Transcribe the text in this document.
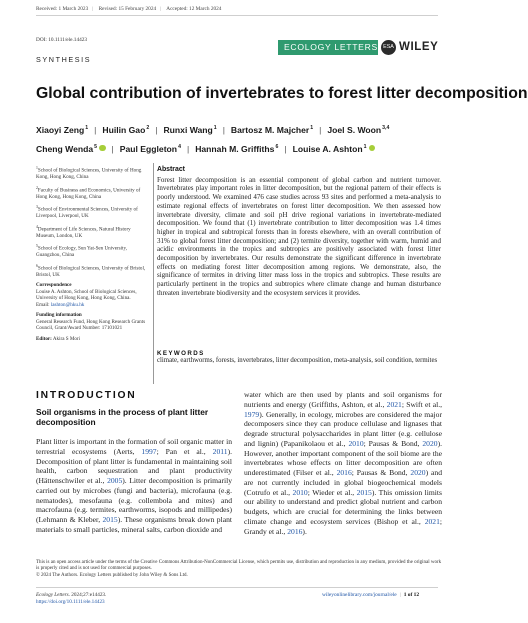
Received: 1 March 2023 | Revised: 15 February 2024 | Accepted: 12 March 2024
DOI: 10.1111/ele.14423
ECOLOGY LETTERS ESA WILEY
SYNTHESIS
Global contribution of invertebrates to forest litter decomposition
Xiaoyi Zeng$^1$ | Huilin Gao$^2$ | Runxi Wang$^1$ | Bartosz M. Majcher$^1$ | Joel S. Woon$^{3,4}$
Cheng Wenda$^5$ | Paul Eggleton$^4$ | Hannah M. Griffiths$^6$ | Louise A. Ashton$^1$
$^1$School of Biological Sciences, University of Hong Kong, Hong Kong, China
$^2$Faculty of Business and Economics, University of Hong Kong, Hong Kong, China
$^3$School of Environmental Sciences, University of Liverpool, Liverpool, UK
$^4$Department of Life Sciences, Natural History Museum, London, UK
$^5$School of Ecology, Sun Yat-Sen University, Guangzhou, China
$^6$School of Biological Sciences, University of Bristol, Bristol, UK
Correspondence
Louise A. Ashton, School of Biological Sciences, University of Hong Kong, Hong Kong, China.
Email: lashton@hku.hk
Funding information
General Research Fund, Hong Kong Research Grants Council, Grant/Award Number: 17101021
Editor: Akira S Mori
Abstract
Forest litter decomposition is an essential component of global carbon and nutrient turnover. Invertebrates play important roles in litter decomposition, but the regional pattern of their effects is poorly understood. We examined 476 case studies across 93 sites and performed a meta-analysis to estimate regional effects of invertebrates on forest litter decomposition. We then assessed how invertebrate diversity, climate and soil pH drive regional variations in invertebrate-mediated decomposition. We found that (1) invertebrate contribution to litter decomposition was 1.4 times higher in tropical and subtropical forests than in forests elsewhere, with an overall contribution of 31% to global forest litter decomposition; and (2) termite diversity, together with warm, humid and acidic environments in the tropics and subtropics are positively associated with forest litter decomposition by invertebrates. Our results demonstrate the significant difference in invertebrate effects on mediating forest litter decomposition among regions. We demonstrate, also, the significance of termites in driving litter mass loss in the tropics and subtropics. These results are particularly pertinent in the tropics and subtropics where climate change and human disturbance threaten invertebrate biodiversity and the ecosystem services it provides.
KEYWORDS
climate, earthworms, forests, invertebrates, litter decomposition, meta-analysis, soil condition, termites
INTRODUCTION
Soil organisms in the process of plant litter decomposition
Plant litter is important in the formation of soil organic matter in terrestrial ecosystems (Aerts, 1997; Pan et al., 2011). Decomposition of plant litter is fundamental in maintaining soil health, carbon sequestration and plant productivity (Hättenschwiler et al., 2005). Litter decomposition is primarily carried out by microbes (fungi and bacteria), microfauna (e.g. nematodes), mesofauna (e.g. collembola and mites) and macrofauna (e.g. termites, earthworms, isopods and millipedes) (Lehmann & Kleber, 2015). These organisms break down plant materials to small particles, mineral salts, carbon dioxide and
water which are then used by plants and soil organisms for nutrients and energy (Griffiths, Ashton, et al., 2021; Swift et al., 1979). Generally, in ecology, microbes are considered the major decomposers since they can produce cellulase and lignases that degrade structural polysaccharides in plant litter (e.g. cellulose and lignin) (Papanikolaou et al., 2010; Pausas & Bond, 2020). However, another important component of the soil biome are the invertebrates whose effects on litter decomposition are often underestimated (Filser et al., 2016; Pausas & Bond, 2020) and are not currently included in global biogeochemical models (Cotrufo et al., 2010; Wieder et al., 2015). This omission limits our ability to understand and predict global nutrient and carbon budgets, which are crucial for determining the links between climate change and ecosystem services (Bishop et al., 2021; Grandy et al., 2016).
This is an open access article under the terms of the Creative Commons Attribution-NonCommercial License, which permits use, distribution and reproduction in any medium, provided the original work is properly cited and is not used for commercial purposes.
© 2024 The Authors. Ecology Letters published by John Wiley & Sons Ltd.
Ecology Letters. 2024;27:e14423.
https://doi.org/10.1111/ele.14423
wileyonlinelibrary.com/journal/ele | 1 of 12
